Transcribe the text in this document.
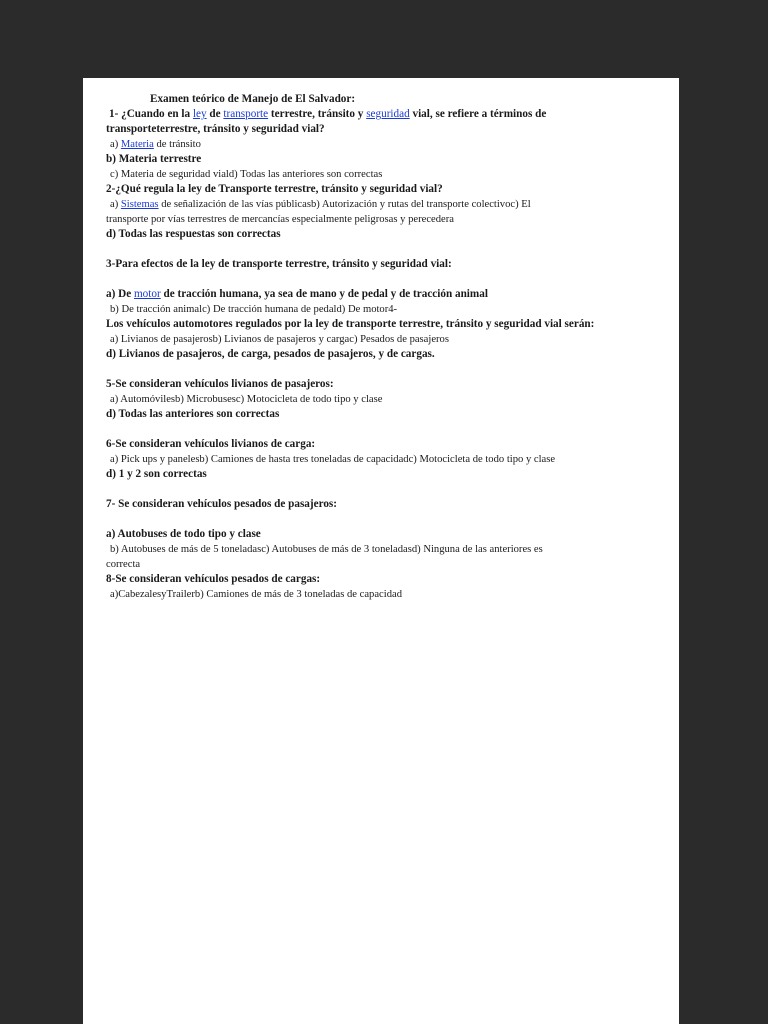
Examen teórico de Manejo de El Salvador:
1- ¿Cuando en la ley de transporte terrestre, tránsito y seguridad vial, se refiere a términos de
transporteterrestre, tránsito y seguridad vial?
a) Materia de tránsito
b) Materia terrestre
c) Materia de seguridad viald) Todas las anteriores son correctas
2-¿Qué regula la ley de Transporte terrestre, tránsito y seguridad vial?
a) Sistemas de señalización de las vías públicasb) Autorización y rutas del transporte colectivoc) El
transporte por vías terrestres de mercancías especialmente peligrosas y perecedera
d) Todas las respuestas son correctas
3-Para efectos de la ley de transporte terrestre, tránsito y seguridad vial:
a) De motor de tracción humana, ya sea de mano y de pedal y de tracción animal
b) De tracción animalc) De tracción humana de pedald) De motor4-
Los vehículos automotores regulados por la ley de transporte terrestre, tránsito y seguridad vial serán:
a) Livianos de pasajerosb) Livianos de pasajeros y cargac) Pesados de pasajeros
d) Livianos de pasajeros, de carga, pesados de pasajeros, y de cargas.
5-Se consideran vehículos livianos de pasajeros:
a) Automóvilesb) Microbusesc) Motocicleta de todo tipo y clase
d) Todas las anteriores son correctas
6-Se consideran vehículos livianos de carga:
a) Pick ups y panelesb) Camiones de hasta tres toneladas de capacidadc) Motocicleta de todo tipo y clase
d) 1 y 2 son correctas
7- Se consideran vehículos pesados de pasajeros:
a) Autobuses de todo tipo y clase
b) Autobuses de más de 5 toneladasc) Autobuses de más de 3 toneladasd) Ninguna de las anteriores es
correcta
8-Se consideran vehículos pesados de cargas:
a)CabezalesyTrailerb) Camiones de más de 3 toneladas de capacidad
